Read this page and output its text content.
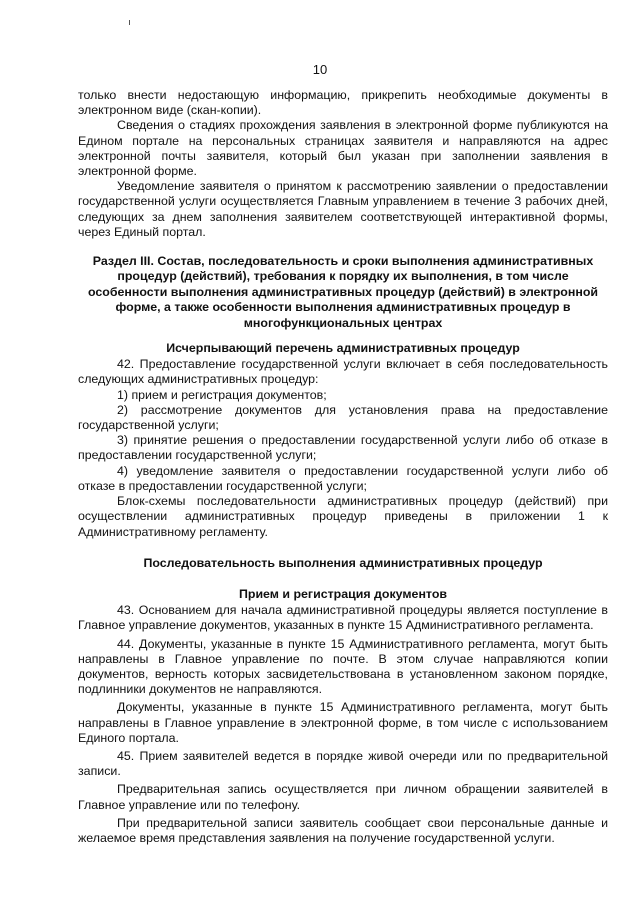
10

только внести недостающую информацию, прикрепить необходимые документы в электронном виде (скан-копии).

Сведения о стадиях прохождения заявления в электронной форме публикуются на Едином портале на персональных страницах заявителя и направляются на адрес электронной почты заявителя, который был указан при заполнении заявления в электронной форме.

Уведомление заявителя о принятом к рассмотрению заявлении о предоставлении государственной услуги осуществляется Главным управлением в течение 3 рабочих дней, следующих за днем заполнения заявителем соответствующей интерактивной формы, через Единый портал.

Раздел III. Состав, последовательность и сроки выполнения административных процедур (действий), требования к порядку их выполнения, в том числе особенности выполнения административных процедур (действий) в электронной форме, а также особенности выполнения административных процедур в многофункциональных центрах

Исчерпывающий перечень административных процедур

42. Предоставление государственной услуги включает в себя последовательность следующих административных процедур:

1) прием и регистрация документов;

2) рассмотрение документов для установления права на предоставление государственной услуги;

3) принятие решения о предоставлении государственной услуги либо об отказе в предоставлении государственной услуги;

4) уведомление заявителя о предоставлении государственной услуги либо об отказе в предоставлении государственной услуги;

Блок-схемы последовательности административных процедур (действий) при осуществлении административных процедур приведены в приложении 1 к Административному регламенту.

Последовательность выполнения административных процедур

Прием и регистрация документов

43. Основанием для начала административной процедуры является поступление в Главное управление документов, указанных в пункте 15 Административного регламента.

44. Документы, указанные в пункте 15 Административного регламента, могут быть направлены в Главное управление по почте. В этом случае направляются копии документов, верность которых засвидетельствована в установленном законом порядке, подлинники документов не направляются.

Документы, указанные в пункте 15 Административного регламента, могут быть направлены в Главное управление в электронной форме, в том числе с использованием Единого портала.

45. Прием заявителей ведется в порядке живой очереди или по предварительной записи.

Предварительная запись осуществляется при личном обращении заявителей в Главное управление или по телефону.

При предварительной записи заявитель сообщает свои персональные данные и желаемое время представления заявления на получение государственной услуги.
